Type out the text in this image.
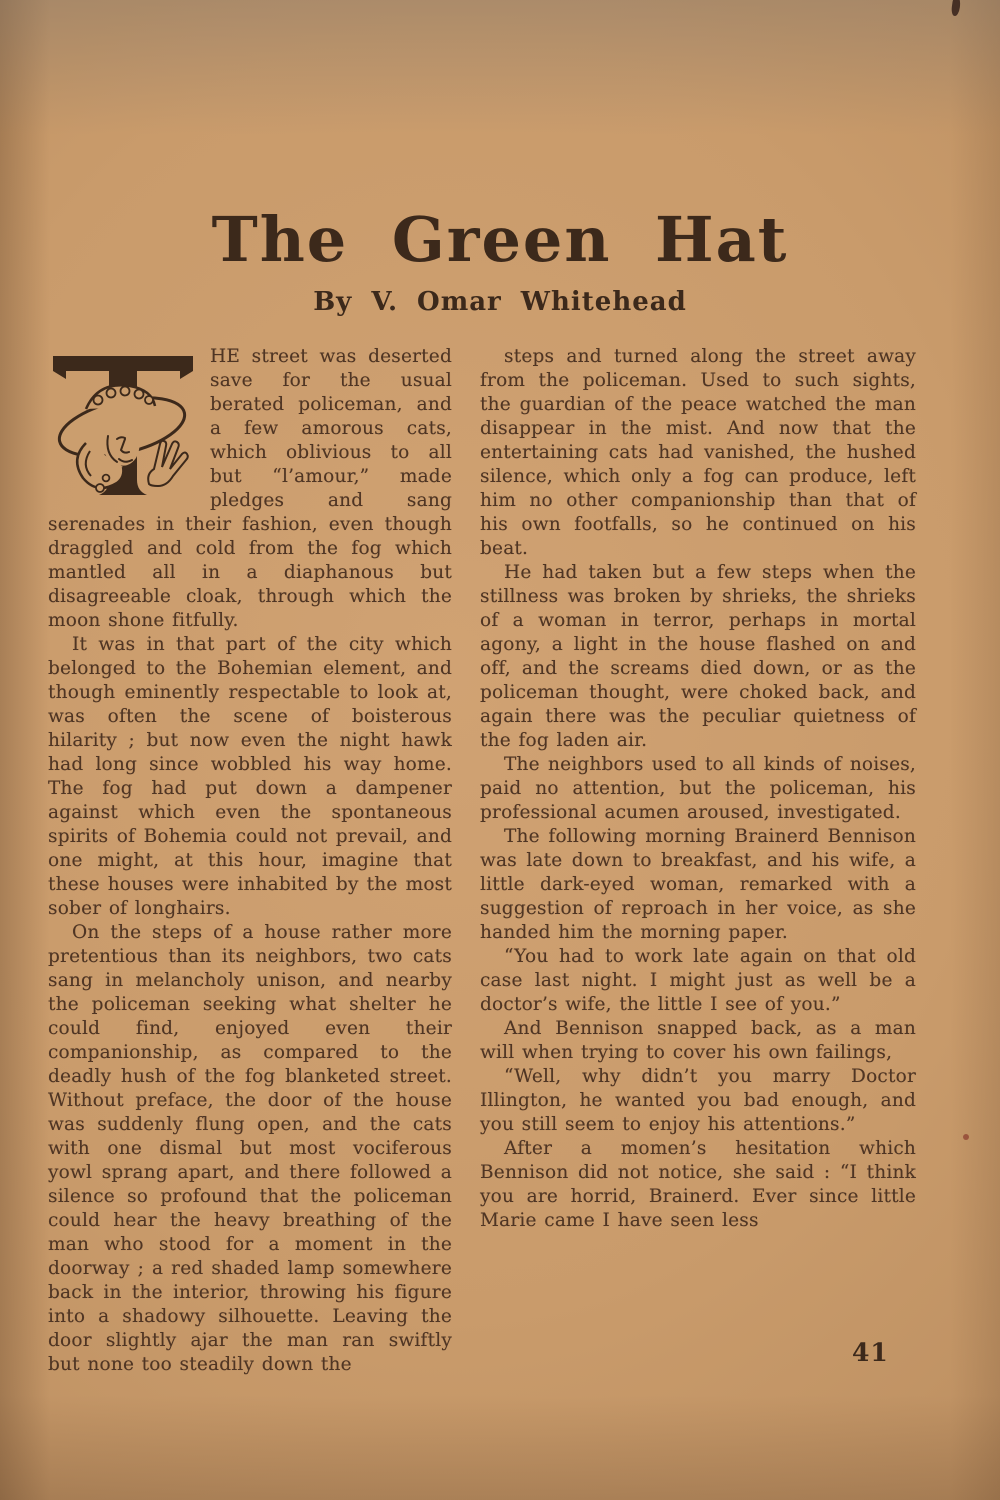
The Green Hat
By V. Omar Whitehead

HE street was deserted save for the usual berated policeman, and a few amorous cats, which oblivious to all but “l’amour,” made pledges and sang serenades in their fashion, even though draggled and cold from the fog which mantled all in a diaphanous but disagreeable cloak, through which the moon shone fitfully.

It was in that part of the city which belonged to the Bohemian element, and though eminently respectable to look at, was often the scene of boisterous hilarity ; but now even the night hawk had long since wobbled his way home. The fog had put down a dampener against which even the spontaneous spirits of Bohemia could not prevail, and one might, at this hour, imagine that these houses were inhabited by the most sober of longhairs.

On the steps of a house rather more pretentious than its neighbors, two cats sang in melancholy unison, and nearby the policeman seeking what shelter he could find, enjoyed even their companionship, as compared to the deadly hush of the fog blanketed street. Without preface, the door of the house was suddenly flung open, and the cats with one dismal but most vociferous yowl sprang apart, and there followed a silence so profound that the policeman could hear the heavy breathing of the man who stood for a moment in the doorway ; a red shaded lamp somewhere back in the interior, throwing his figure into a shadowy silhouette. Leaving the door slightly ajar the man ran swiftly but none too steadily down the

steps and turned along the street away from the policeman. Used to such sights, the guardian of the peace watched the man disappear in the mist. And now that the entertaining cats had vanished, the hushed silence, which only a fog can produce, left him no other companionship than that of his own footfalls, so he continued on his beat.

He had taken but a few steps when the stillness was broken by shrieks, the shrieks of a woman in terror, perhaps in mortal agony, a light in the house flashed on and off, and the screams died down, or as the policeman thought, were choked back, and again there was the peculiar quietness of the fog laden air.

The neighbors used to all kinds of noises, paid no attention, but the policeman, his professional acumen aroused, investigated.

The following morning Brainerd Bennison was late down to breakfast, and his wife, a little dark-eyed woman, remarked with a suggestion of reproach in her voice, as she handed him the morning paper.

“You had to work late again on that old case last night. I might just as well be a doctor’s wife, the little I see of you.”

And Bennison snapped back, as a man will when trying to cover his own failings,

“Well, why didn’t you marry Doctor Illington, he wanted you bad enough, and you still seem to enjoy his attentions.”

After a momen’s hesitation which Bennison did not notice, she said : “I think you are horrid, Brainerd. Ever since little Marie came I have seen less

41
